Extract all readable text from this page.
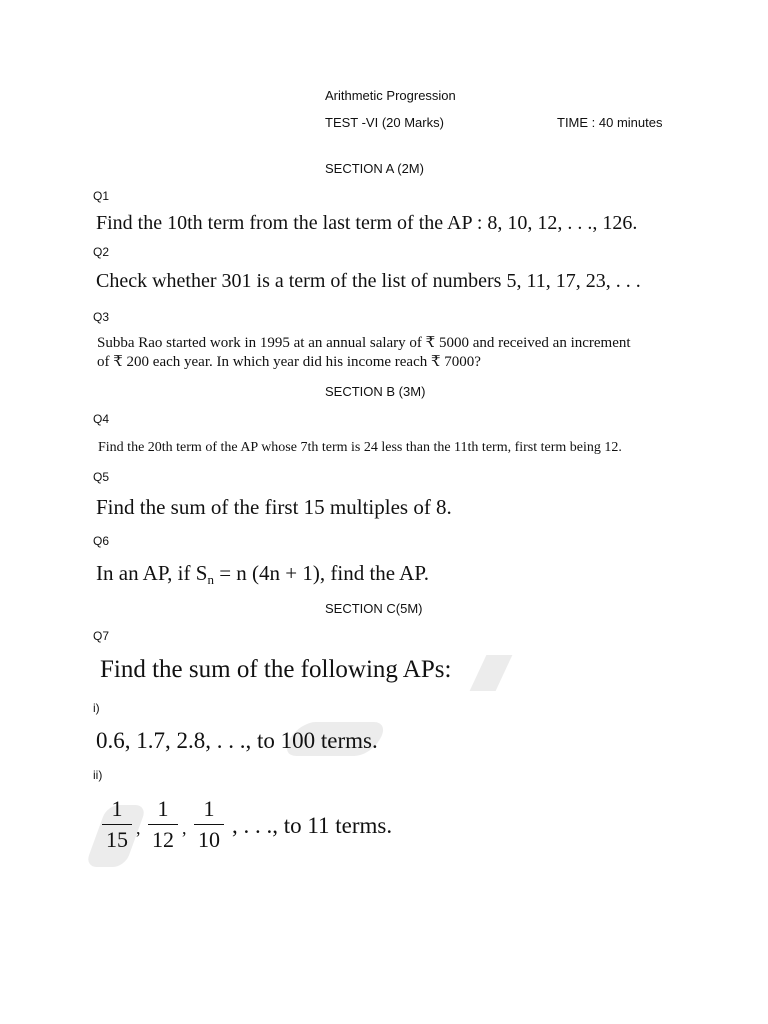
Arithmetic Progression
TEST -VI (20 Marks)	TIME : 40 minutes
SECTION A (2M)
Q1
Find the 10th term from the last term of the AP : 8, 10, 12, . . ., 126.
Q2
Check whether 301 is a term of the list of numbers 5, 11, 17, 23, . . .
Q3
Subba Rao started work in 1995 at an annual salary of ₹ 5000 and received an increment
of ₹ 200 each year. In which year did his income reach ₹ 7000?
SECTION B (3M)
Q4
Find the 20th term of the AP whose 7th term is 24 less than the 11th term, first term being 12.
Q5
Find the sum of the first 15 multiples of 8.
Q6
In an AP, if $S_n = n$ (4n + 1), find the AP.
SECTION C(5M)
Q7
Find the sum of the following APs:
i)
0.6, 1.7, 2.8, . . ., to 100 terms.
ii)
1
15 ,
1
12 ,
1
10
, . . ., to 11 terms.
